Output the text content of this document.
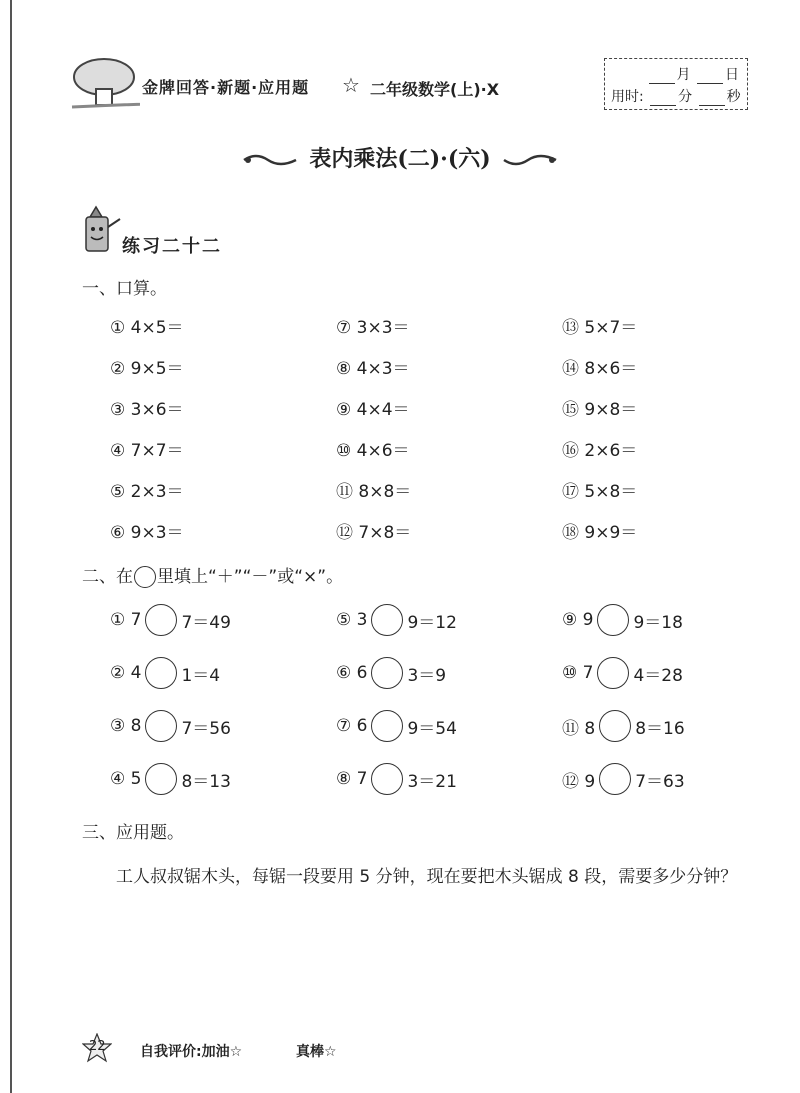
金牌回答·新题·应用题 ☆ 二年级数学(上)·X
月 日
用时: 分 秒
表内乘法(二)·(六)
练习二十二
一、口算。
① 4×5＝	⑦ 3×3＝	⑬ 5×7＝
② 9×5＝	⑧ 4×3＝	⑭ 8×6＝
③ 3×6＝	⑨ 4×4＝	⑮ 9×8＝
④ 7×7＝	⑩ 4×6＝	⑯ 2×6＝
⑤ 2×3＝	⑪ 8×8＝	⑰ 5×8＝
⑥ 9×3＝	⑫ 7×8＝	⑱ 9×9＝
二、在 里填上“＋”“－”或“×”。
① 7 7＝49	⑤ 3 9＝12	⑨ 9 9＝18
② 4 1＝4	⑥ 6 3＝9	⑩ 7 4＝28
③ 8 7＝56	⑦ 6 9＝54	⑪ 8 8＝16
④ 5 8＝13	⑧ 7 3＝21	⑫ 9 7＝63
三、应用题。
工人叔叔锯木头，每锯一段要用 5 分钟，现在要把木头锯成 8 段，需要多少分钟？
22 自我评价:加油☆	真棒☆
